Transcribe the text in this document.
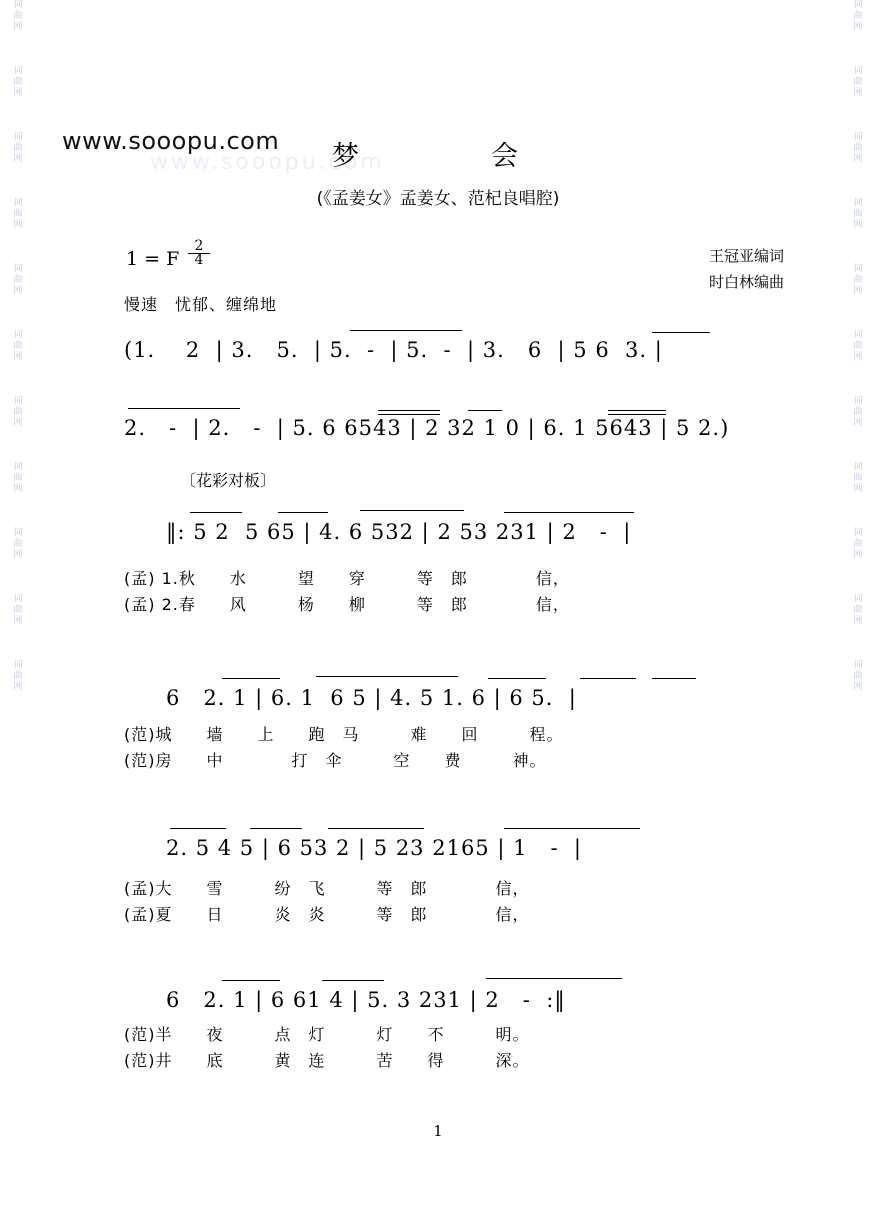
词
曲
网
词
曲
网
词
曲
网
词
曲
网
词
曲
网
词
曲
网
词
曲
网
词
曲
网
词
曲
网
词
曲
网
词
曲
网
词
曲
网
词
曲
网
词
曲
网
词
曲
网
词
曲
网
词
曲
网
词
曲
网
词
曲
网
词
曲
网
词
曲
网
词
曲
网
www.sooopu.com
www.sooopu.com	梦　　会
(《孟姜女》孟姜女、范杞良唱腔)
1 = F $\frac{2}{4}$	王冠亚编词
时白林编曲
慢速　忧郁、缠绵地
(1.    2  | 3.   5.  | 5.  -  | 5.  -  | 3.   6  | 5 6  3. |
2.   -  | 2.   -  | 5. 6 6543 | 2 32 1 0 | 6. 1 5643 | 5 2.)
〔花彩对板〕
‖: 5 2  5 65 | 4. 6 532 | 2 53 231 | 2   -  |
(孟) 1.秋　　水　　　望　　穿　　　等　郎　　　　信，
(孟) 2.春　　风　　　杨　　柳　　　等　郎　　　　信，
6   2. 1 | 6. 1  6 5 | 4. 5 1. 6 | 6 5.  |
(范)城　　墙　　上　　跑　马　　　难　　回　　　程。
(范)房　　中　　　　打　伞　　　空　　费　　　神。
2. 5 4 5 | 6 53 2 | 5 23 2165 | 1   -  |
(孟)大　　雪　　　纷　飞　　　等　郎　　　　信，
(孟)夏　　日　　　炎　炎　　　等　郎　　　　信，
6   2. 1 | 6 61 4 | 5. 3 231 | 2   -  :‖
(范)半　　夜　　　点　灯　　　灯　　不　　　明。
(范)井　　底　　　黄　连　　　苦　　得　　　深。
1
